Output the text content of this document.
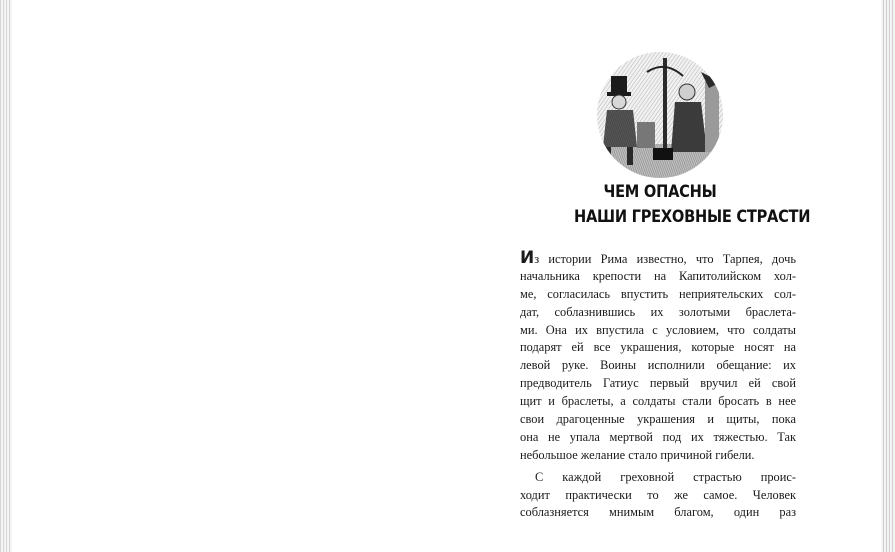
ЧЕМ ОПАСНЫ
НАШИ ГРЕХОВНЫЕ СТРАСТИ
Из истории Рима известно, что Тарпея, дочь
начальника крепости на Капитолийском хол-
ме, согласилась впустить неприятельских сол-
дат, соблазнившись их золотыми браслета-
ми. Она их впустила с условием, что солдаты
подарят ей все украшения, которые носят на
левой руке. Воины исполнили обещание: их
предводитель Гатиус первый вручил ей свой
щит и браслеты, а солдаты стали бросать в нее
свои драгоценные украшения и щиты, пока
она не упала мертвой под их тяжестью. Так
небольшое желание стало причиной гибели.
С каждой греховной страстью проис-
ходит практически то же самое. Человек
соблазняется мнимым благом, один раз
